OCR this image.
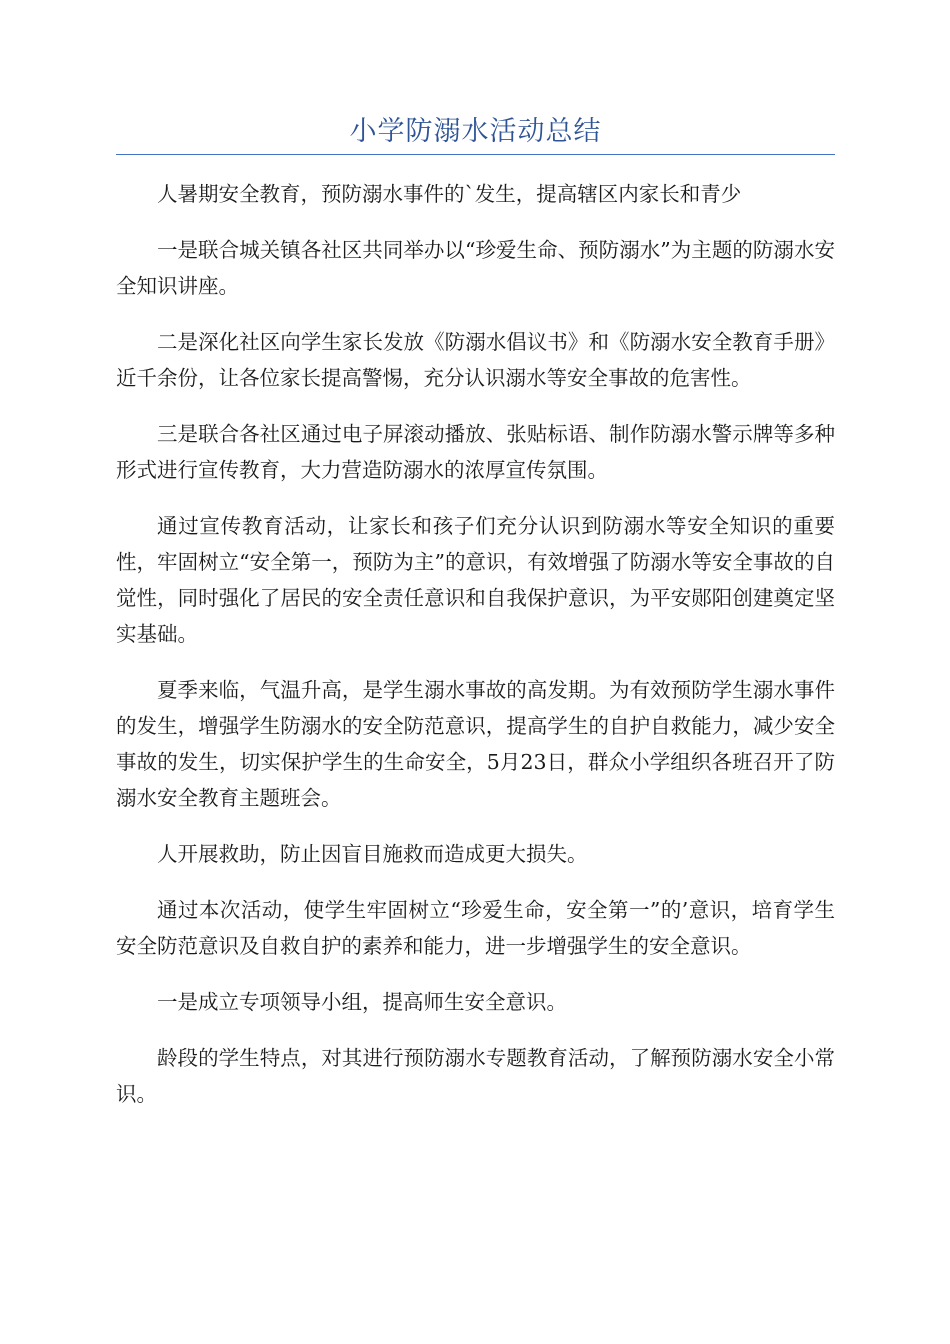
小学防溺水活动总结

人暑期安全教育，预防溺水事件的`发生，提高辖区内家长和青少

一是联合城关镇各社区共同举办以“珍爱生命、预防溺水”为主题的防溺水安全知识讲座。

二是深化社区向学生家长发放《防溺水倡议书》和《防溺水安全教育手册》近千余份，让各位家长提高警惕，充分认识溺水等安全事故的危害性。

三是联合各社区通过电子屏滚动播放、张贴标语、制作防溺水警示牌等多种形式进行宣传教育，大力营造防溺水的浓厚宣传氛围。

通过宣传教育活动，让家长和孩子们充分认识到防溺水等安全知识的重要性，牢固树立“安全第一，预防为主”的意识，有效增强了防溺水等安全事故的自觉性，同时强化了居民的安全责任意识和自我保护意识，为平安郧阳创建奠定坚实基础。

夏季来临，气温升高，是学生溺水事故的高发期。为有效预防学生溺水事件的发生，增强学生防溺水的安全防范意识，提高学生的自护自救能力，减少安全事故的发生，切实保护学生的生命安全，5月23日，群众小学组织各班召开了防溺水安全教育主题班会。

人开展救助，防止因盲目施救而造成更大损失。

通过本次活动，使学生牢固树立“珍爱生命，安全第一”的’意识，培育学生安全防范意识及自救自护的素养和能力，进一步增强学生的安全意识。

一是成立专项领导小组，提高师生安全意识。

龄段的学生特点，对其进行预防溺水专题教育活动，了解预防溺水安全小常识。
